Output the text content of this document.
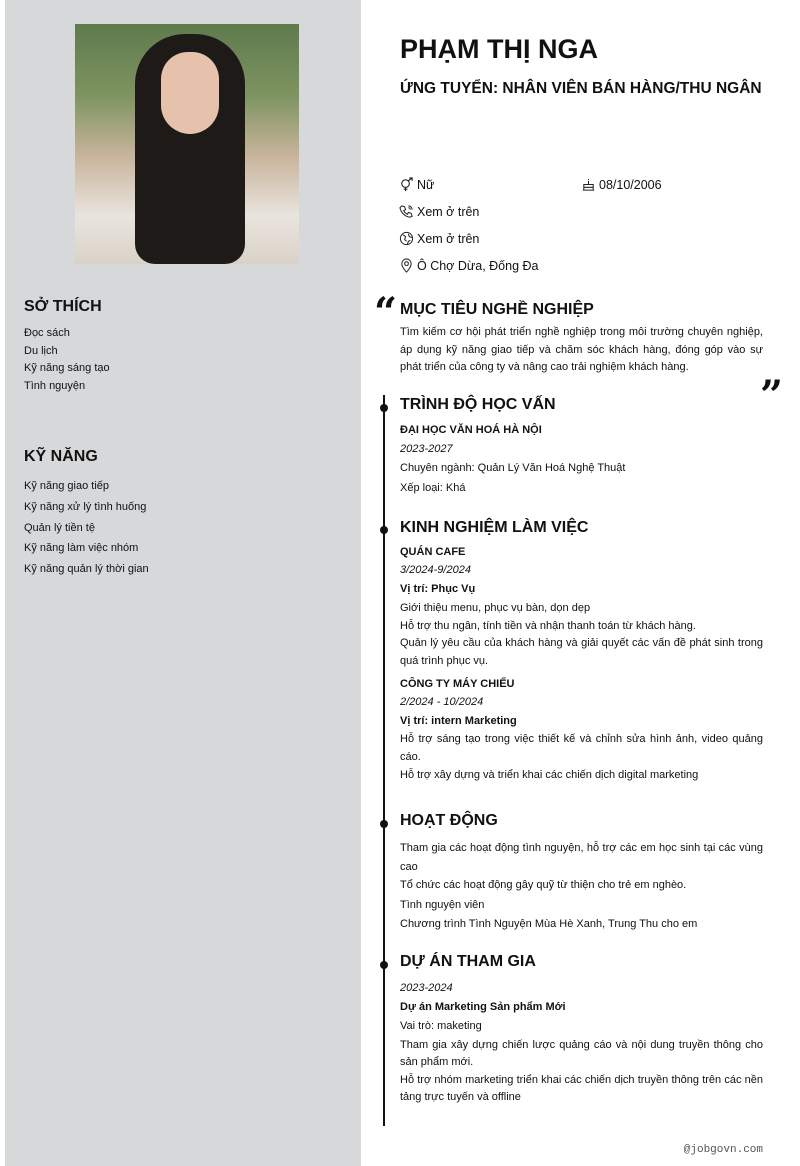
SỞ THÍCH
Đọc sách
Du lịch
Kỹ năng sáng tạo
Tình nguyện
KỸ NĂNG
Kỹ năng giao tiếp
Kỹ năng xử lý tình huống
Quản lý tiền tệ
Kỹ năng làm việc nhóm
Kỹ năng quản lý thời gian
PHẠM THỊ NGA
ỨNG TUYỂN: NHÂN VIÊN BÁN HÀNG/THU NGÂN
Nữ	08/10/2006
Xem ở trên
Xem ở trên
Ô Chợ Dừa, Đống Đa
“
”
MỤC TIÊU NGHỀ NGHIỆP

Tìm kiếm cơ hội phát triển nghề nghiệp trong môi trường chuyên nghiệp, áp dụng kỹ năng giao tiếp và chăm sóc khách hàng, đóng góp vào sự phát triển của công ty và nâng cao trải nghiệm khách hàng.

TRÌNH ĐỘ HỌC VẤN

ĐẠI HỌC VĂN HOÁ HÀ NỘI

2023-2027

Chuyên ngành: Quản Lý Văn Hoá Nghệ Thuật

Xếp loại: Khá

KINH NGHIỆM LÀM VIỆC

QUÁN CAFE

3/2024-9/2024

Vị trí: Phục Vụ

Giới thiệu menu, phục vụ bàn, dọn dẹp

Hỗ trợ thu ngân, tính tiền và nhận thanh toán từ khách hàng.

Quản lý yêu cầu của khách hàng và giải quyết các vấn đề phát sinh trong quá trình phục vụ.

CÔNG TY MÁY CHIẾU

2/2024 - 10/2024

Vị trí: intern Marketing

Hỗ trợ sáng tạo trong việc thiết kế và chỉnh sửa hình ảnh, video quảng cáo.

Hỗ trợ xây dựng và triển khai các chiến dịch digital marketing

HOẠT ĐỘNG

Tham gia các hoạt động tình nguyện, hỗ trợ các em học sinh tại các vùng cao

Tổ chức các hoạt động gây quỹ từ thiện cho trẻ em nghèo.

Tình nguyện viên

Chương trình Tình Nguyện Mùa Hè Xanh, Trung Thu cho em

DỰ ÁN THAM GIA

2023-2024

Dự án Marketing Sản phẩm Mới

Vai trò: maketing

Tham gia xây dựng chiến lược quảng cáo và nội dung truyền thông cho sản phẩm mới.

Hỗ trợ nhóm marketing triển khai các chiến dịch truyền thông trên các nền tảng trực tuyến và offline

@jobgovn.com
